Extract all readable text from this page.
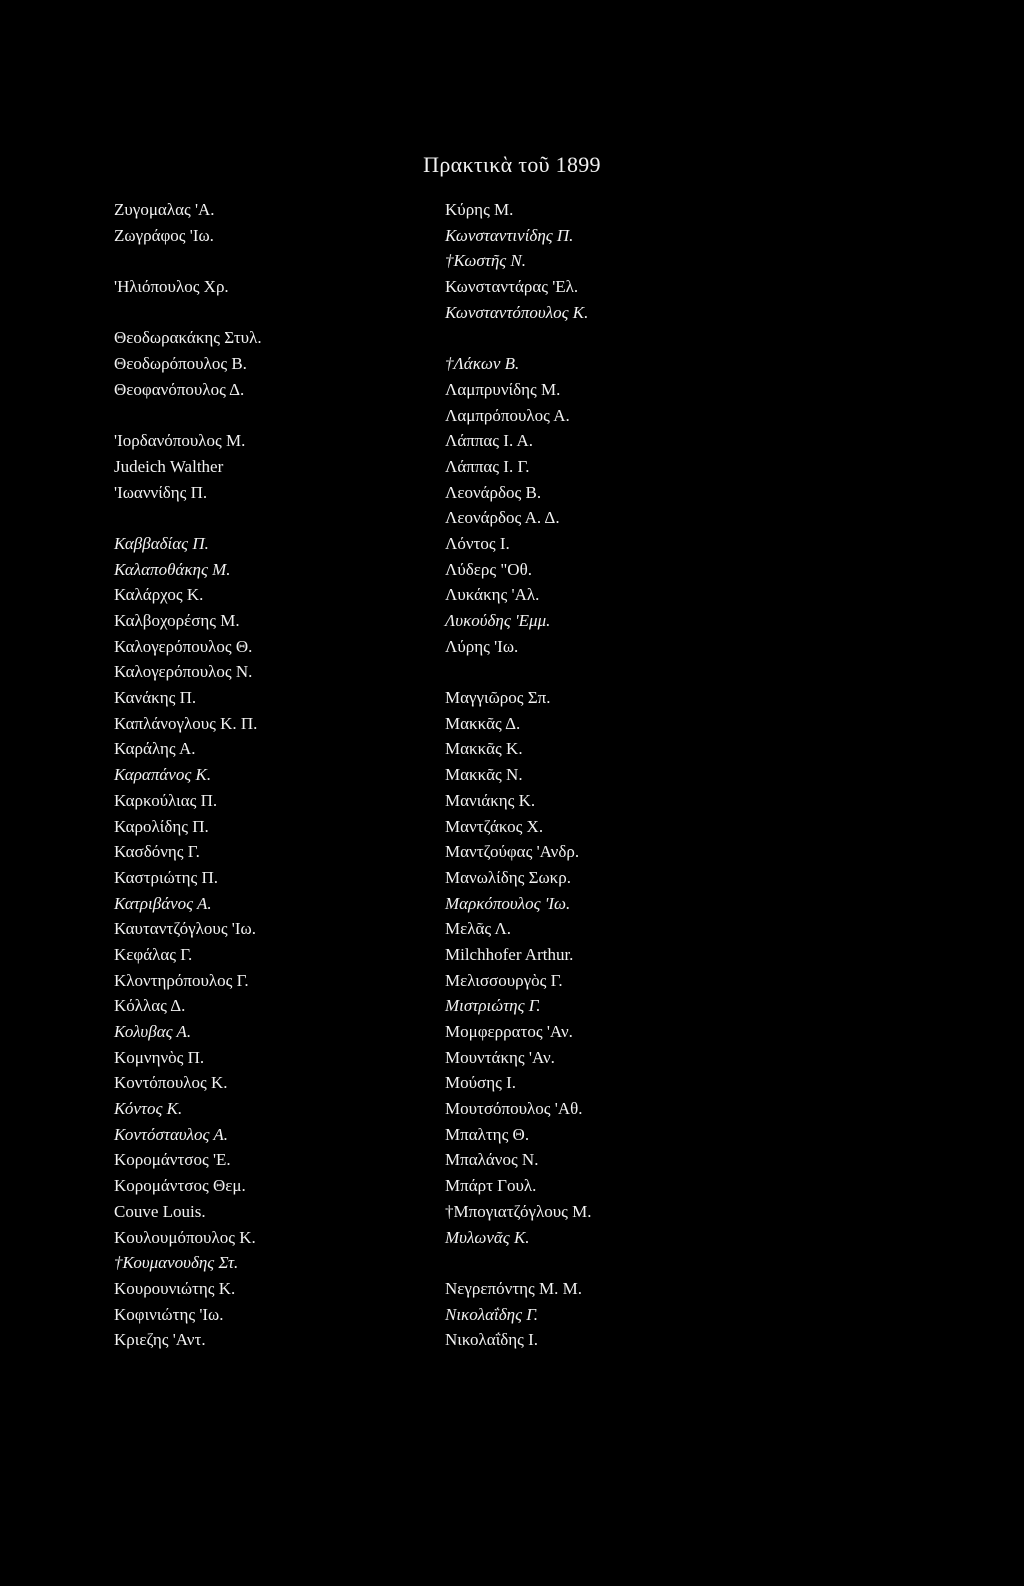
Πρακτικὰ τοῦ 1899
Ζυγομαλας 'Α.
Ζωγράφος 'Ιω.
'Ηλιόπουλος Χρ.
Θεοδωρακάκης Στυλ.
Θεοδωρόπουλος Β.
Θεοφανόπουλος Δ.
'Ιορδανόπουλος Μ.
Judeich Walther
'Ιωαννίδης Π.
Καββαδίας Π.
Καλαποθάκης Μ.
Καλάρχος Κ.
Καλβοχορέσης Μ.
Καλογερόπουλος Θ.
Καλογερόπουλος Ν.
Κανάκης Π.
Καπλάνογλους Κ. Π.
Καράλης Α.
Καραπάνος Κ.
Καρκούλιας Π.
Καρολίδης Π.
Κασδόνης Γ.
Καστριώτης Π.
Κατριβάνος Α.
Καυταντζόγλους 'Ιω.
Κεφάλας Γ.
Κλοντηρόπουλος Γ.
Κόλλας Δ.
Κολυβας Α.
Κομνηνὸς Π.
Κοντόπουλος Κ.
Κόντος Κ.
Κοντόσταυλος Α.
Κορομάντσος 'Ε.
Κορομάντσος Θεμ.
Couve Louis.
Κουλουμόπουλος Κ.
†Κουμανουδης Στ.
Κουρουνιώτης Κ.
Κοφινιώτης 'Ιω.
Κριεζης 'Αντ.
Κύρης Μ.
Κωνσταντινίδης Π.
†Κωστῆς Ν.
Κωνσταντάρας 'Ελ.
Κωνσταντόπουλος Κ.
†Λάκων Β.
Λαμπρυνίδης Μ.
Λαμπρόπουλος Α.
Λάππας Ι. Α.
Λάππας Ι. Γ.
Λεονάρδος Β.
Λεονάρδος Α. Δ.
Λόντος Ι.
Λύδερς "Οθ.
Λυκάκης 'Αλ.
Λυκούδης 'Εμμ.
Λύρης 'Ιω.
Μαγγιῶρος Σπ.
Μακκᾶς Δ.
Μακκᾶς Κ.
Μακκᾶς Ν.
Μανιάκης Κ.
Μαντζάκος Χ.
Μαντζούφας 'Ανδρ.
Μανωλίδης Σωκρ.
Μαρκόπουλος 'Ιω.
Μελᾶς Λ.
Milchhofer Arthur.
Μελισσουργὸς Γ.
Μιστριώτης Γ.
Μομφερρατος 'Αν.
Μουντάκης 'Αν.
Μούσης Ι.
Μουτσόπουλος 'Αθ.
Μπαλτης Θ.
Μπαλάνος Ν.
Μπάρτ Γουλ.
†Μπογιατζόγλους Μ.
Μυλωνᾶς Κ.
Νεγρεπόντης Μ. Μ.
Νικολαΐδης Γ.
Νικολαΐδης Ι.
